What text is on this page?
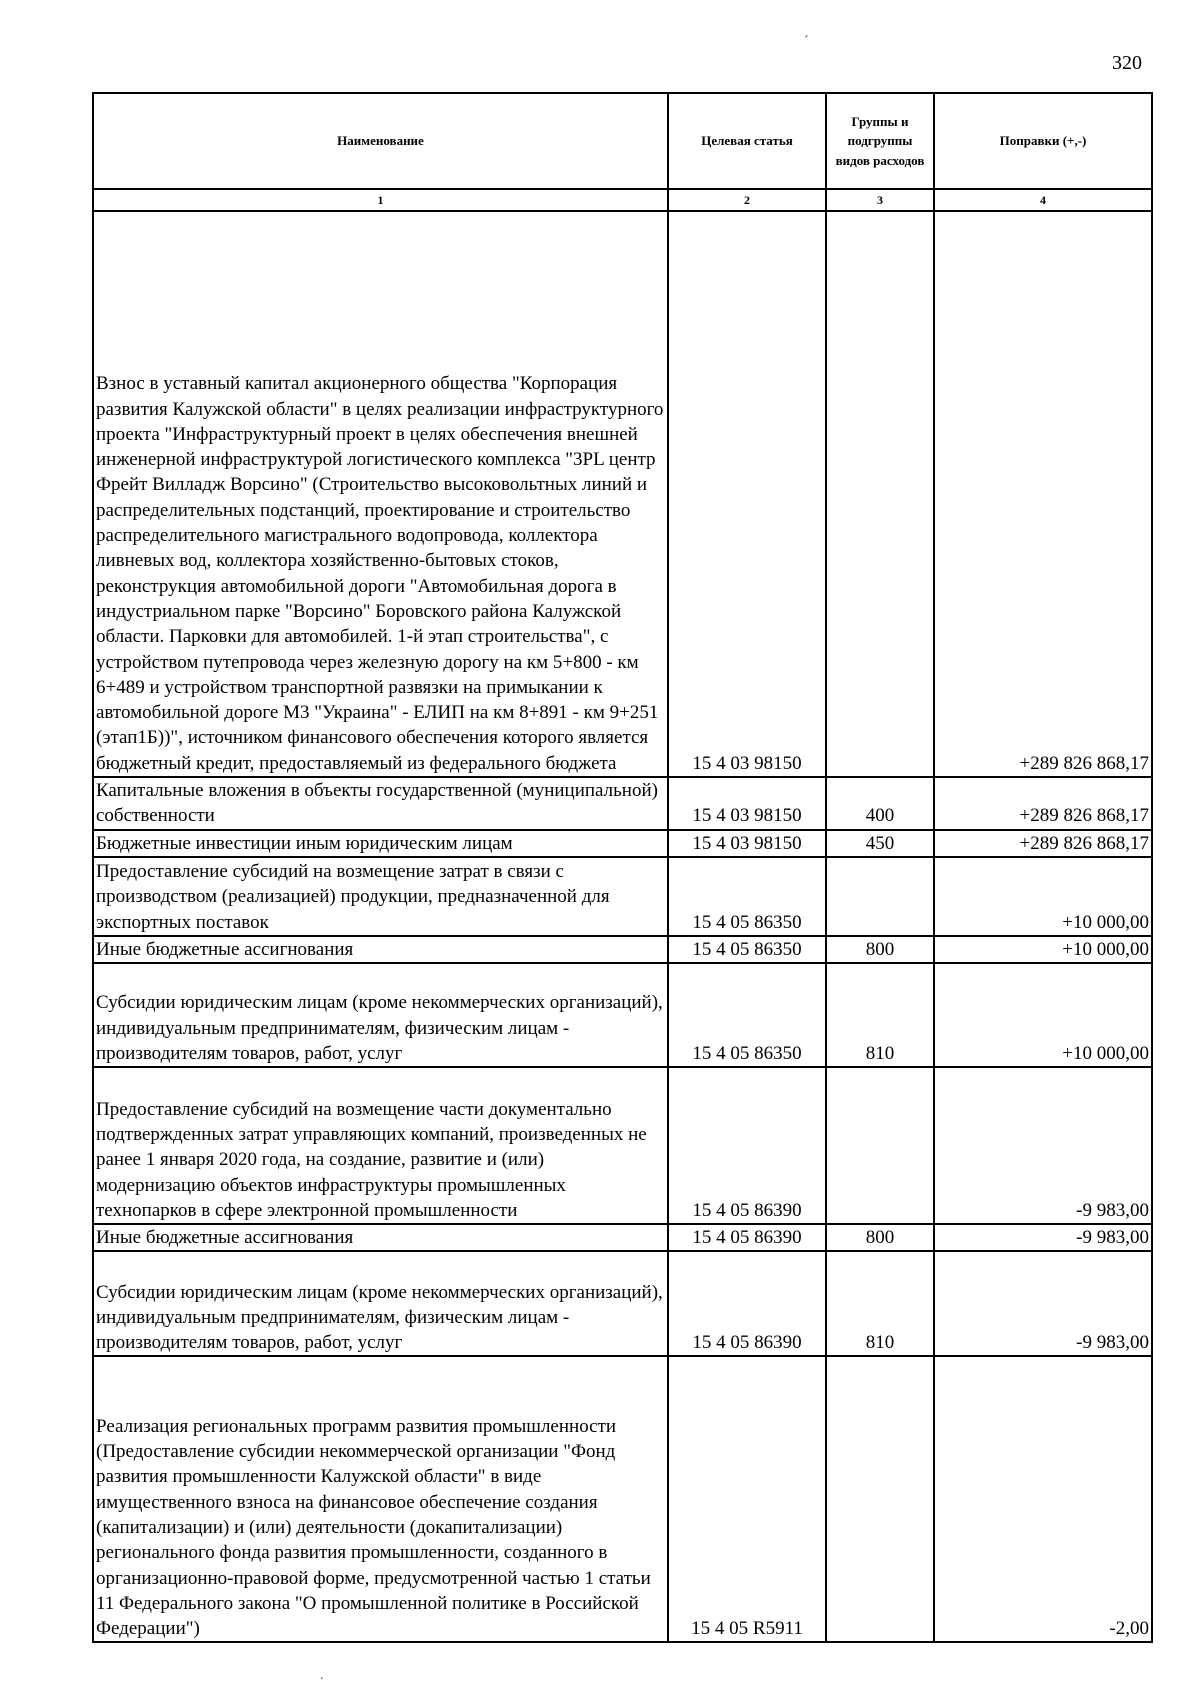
ˊ
320
Наименование	Целевая статья	Группы и подгруппы видов расходов	Поправки (+,-)
1	2	3	4
Взнос в уставный капитал акционерного общества "Корпорация развития Калужской области" в целях реализации инфраструктурного проекта "Инфраструктурный проект в целях обеспечения внешней инженерной инфраструктурой логистического комплекса "3PL центр Фрейт Вилладж Ворсино" (Строительство высоковольтных линий и распределительных подстанций, проектирование и строительство распределительного магистрального водопровода, коллектора ливневых вод, коллектора хозяйственно-бытовых стоков, реконструкция автомобильной дороги "Автомобильная дорога в индустриальном парке "Ворсино" Боровского района Калужской области. Парковки для автомобилей. 1-й этап строительства", с устройством путепровода через железную дорогу на км 5+800 - км 6+489 и устройством транспортной развязки на примыкании к автомобильной дороге М3 "Украина" - ЕЛИП на км 8+891 - км 9+251 (этап1Б))", источником финансового обеспечения которого является бюджетный кредит, предоставляемый из федерального бюджета	15 4 03 98150		+289 826 868,17
Капитальные вложения в объекты государственной (муниципальной) собственности	15 4 03 98150	400	+289 826 868,17
Бюджетные инвестиции иным юридическим лицам	15 4 03 98150	450	+289 826 868,17
Предоставление субсидий на возмещение затрат в связи с производством (реализацией) продукции, предназначенной для экспортных поставок	15 4 05 86350		+10 000,00
Иные бюджетные ассигнования	15 4 05 86350	800	+10 000,00
Субсидии юридическим лицам (кроме некоммерческих организаций), индивидуальным предпринимателям, физическим лицам - производителям товаров, работ, услуг	15 4 05 86350	810	+10 000,00
Предоставление субсидий на возмещение части документально подтвержденных затрат управляющих компаний, произведенных не ранее 1 января 2020 года, на создание, развитие и (или) модернизацию объектов инфраструктуры промышленных технопарков в сфере электронной промышленности	15 4 05 86390		-9 983,00
Иные бюджетные ассигнования	15 4 05 86390	800	-9 983,00
Субсидии юридическим лицам (кроме некоммерческих организаций), индивидуальным предпринимателям, физическим лицам - производителям товаров, работ, услуг	15 4 05 86390	810	-9 983,00
Реализация региональных программ развития промышленности (Предоставление субсидии некоммерческой организации "Фонд развития промышленности Калужской области" в виде имущественного взноса на финансовое обеспечение создания (капитализации) и (или) деятельности (докапитализации) регионального фонда развития промышленности, созданного в организационно-правовой форме, предусмотренной частью 1 статьи 11 Федерального закона "О промышленной политике в Российской Федерации")	15 4 05 R5911		-2,00
.
